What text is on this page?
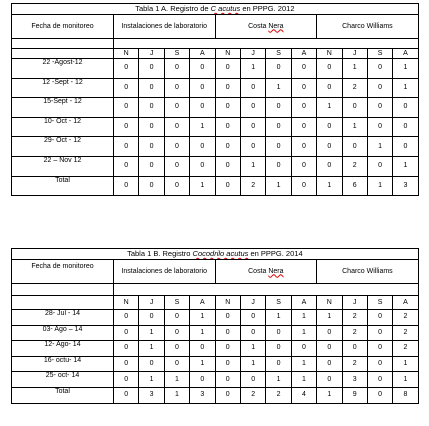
Tabla 1 A. Registro de C acutus en PPPG. 2012												
Fecha de monitoreo	Instalaciones de laboratorio				Costa Nera				Charco Williams			

	N	J	S	A	N	J	S	A	N	J	S	A
22 -Agost-12	0	0	0	0	0	1	0	0	0	1	0	1
12 -Sept - 12	0	0	0	0	0	0	1	0	0	2	0	1
15-Sept - 12	0	0	0	0	0	0	0	0	1	0	0	0
10- Oct - 12	0	0	0	1	0	0	0	0	0	1	0	0
29- Oct - 12	0	0	0	0	0	0	0	0	0	0	1	0
22 – Nov 12	0	0	0	0	0	1	0	0	0	2	0	1
Total	0	0	0	1	0	2	1	0	1	6	1	3
Tabla 1 B. Registro Cocodrilo acutus en PPPG. 2014												
Fecha de monitoreo	Instalaciones de laboratorio				Costa Nera				Charco Williams			

	N	J	S	A	N	J	S	A	N	J	S	A
28- Jul - 14	0	0	0	1	0	0	1	1	1	2	0	2
03- Ago – 14	0	1	0	1	0	0	0	1	0	2	0	2
12- Ago- 14	0	1	0	0	0	1	0	0	0	0	0	2
16- octu- 14	0	0	0	1	0	1	0	1	0	2	0	1
25- oct- 14	0	1	1	0	0	0	1	1	0	3	0	1
Total	0	3	1	3	0	2	2	4	1	9	0	8
